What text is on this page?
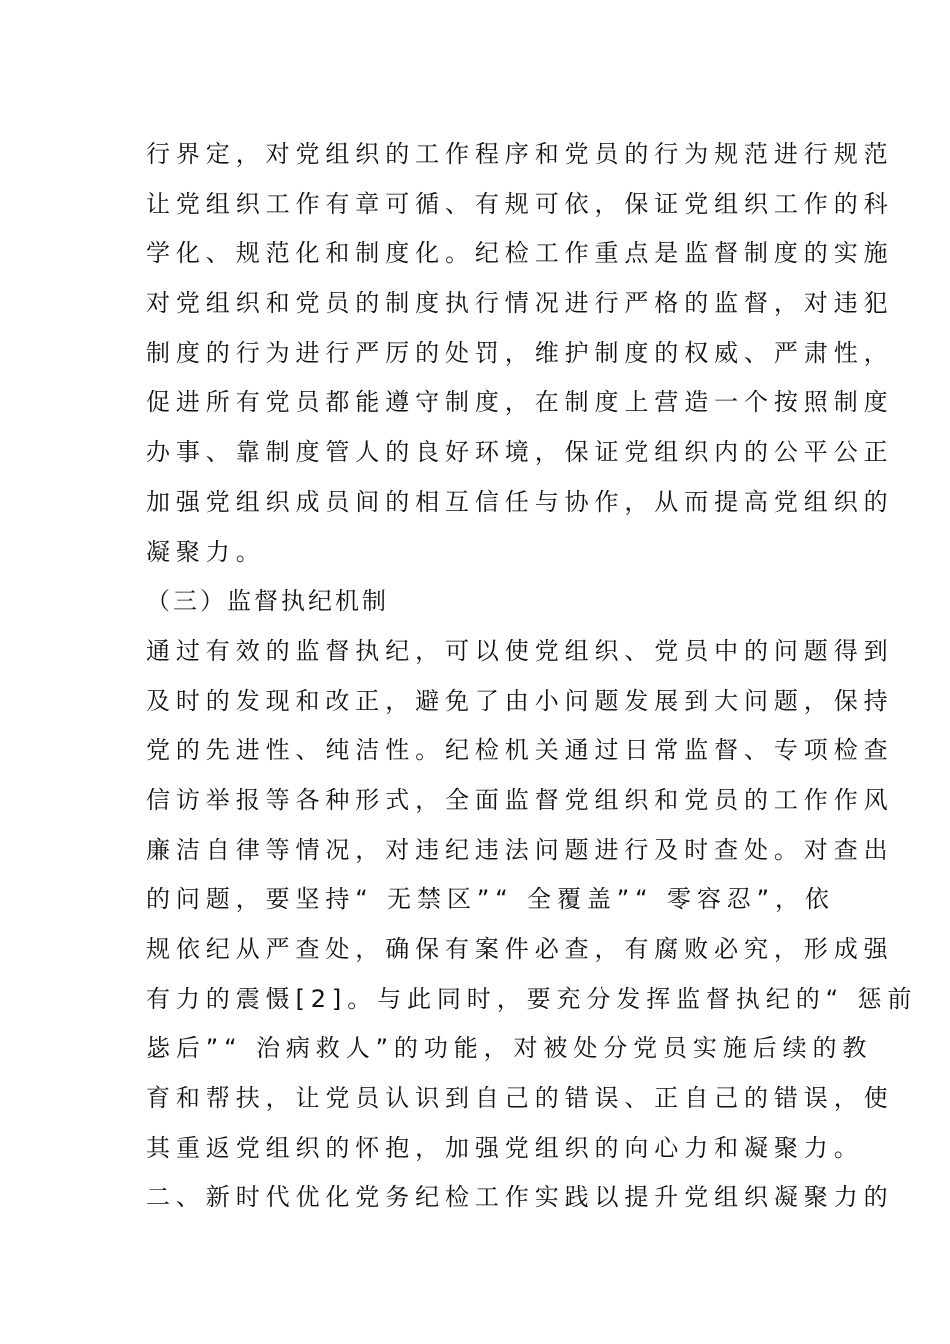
行界定，对党组织的工作程序和党员的行为规范进行规范
让党组织工作有章可循、有规可依，保证党组织工作的科
学化、规范化和制度化。纪检工作重点是监督制度的实施
对党组织和党员的制度执行情况进行严格的监督，对违犯
制度的行为进行严厉的处罚，维护制度的权威、严肃性，
促进所有党员都能遵守制度，在制度上营造一个按照制度
办事、靠制度管人的良好环境，保证党组织内的公平公正
加强党组织成员间的相互信任与协作，从而提高党组织的
凝聚力。
（三）监督执纪机制
通过有效的监督执纪，可以使党组织、党员中的问题得到
及时的发现和改正，避免了由小问题发展到大问题，保持
党的先进性、纯洁性。纪检机关通过日常监督、专项检查
信访举报等各种形式，全面监督党组织和党员的工作作风
廉洁自律等情况，对违纪违法问题进行及时查处。对查出
的问题，要坚持“ 无禁区”“ 全覆盖”“ 零容忍”，依
规依纪从严查处，确保有案件必查，有腐败必究，形成强
有力的震慑[2]。与此同时，要充分发挥监督执纪的“ 惩前
毖后”“ 治病救人”的功能，对被处分党员实施后续的教
育和帮扶，让党员认识到自己的错误、正自己的错误，使
其重返党组织的怀抱，加强党组织的向心力和凝聚力。
二、新时代优化党务纪检工作实践以提升党组织凝聚力的
